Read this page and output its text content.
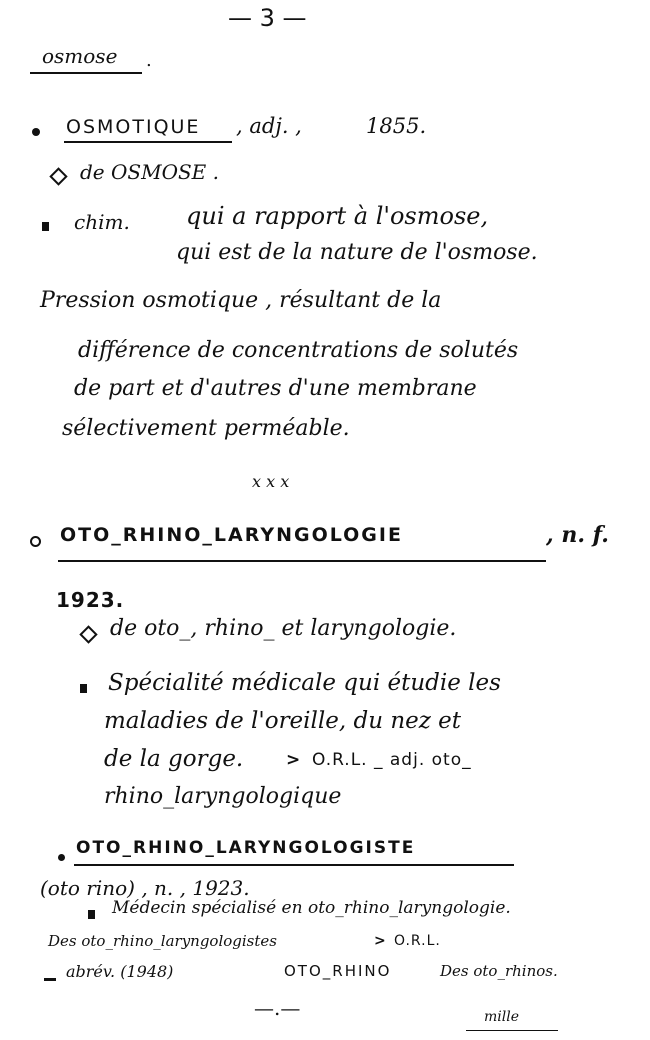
— 3 —
osmose .
OSMOTIQUE , adj. ,	1855.
de OSMOSE .
chim. qui a rapport à l'osmose,
qui est de la nature de l'osmose.
Pression osmotique , résultant de la
différence de concentrations de solutés
de part et d'autres d'une membrane
sélectivement perméable.
x x x
OTO_RHINO_LARYNGOLOGIE	, n. f.
1923.
de oto_, rhino_ et laryngologie.
Spécialité médicale qui étudie les
maladies de l'oreille, du nez et
de la gorge.	> O.R.L. _ adj. oto_
rhino_laryngologique
OTO_RHINO_LARYNGOLOGISTE
(oto rino) , n. , 1923.
Médecin spécialisé en oto_rhino_laryngologie.
Des oto_rhino_laryngologistes	> O.R.L.
abrév. (1948)	OTO_RHINO	Des oto_rhinos.
—.—	mille
